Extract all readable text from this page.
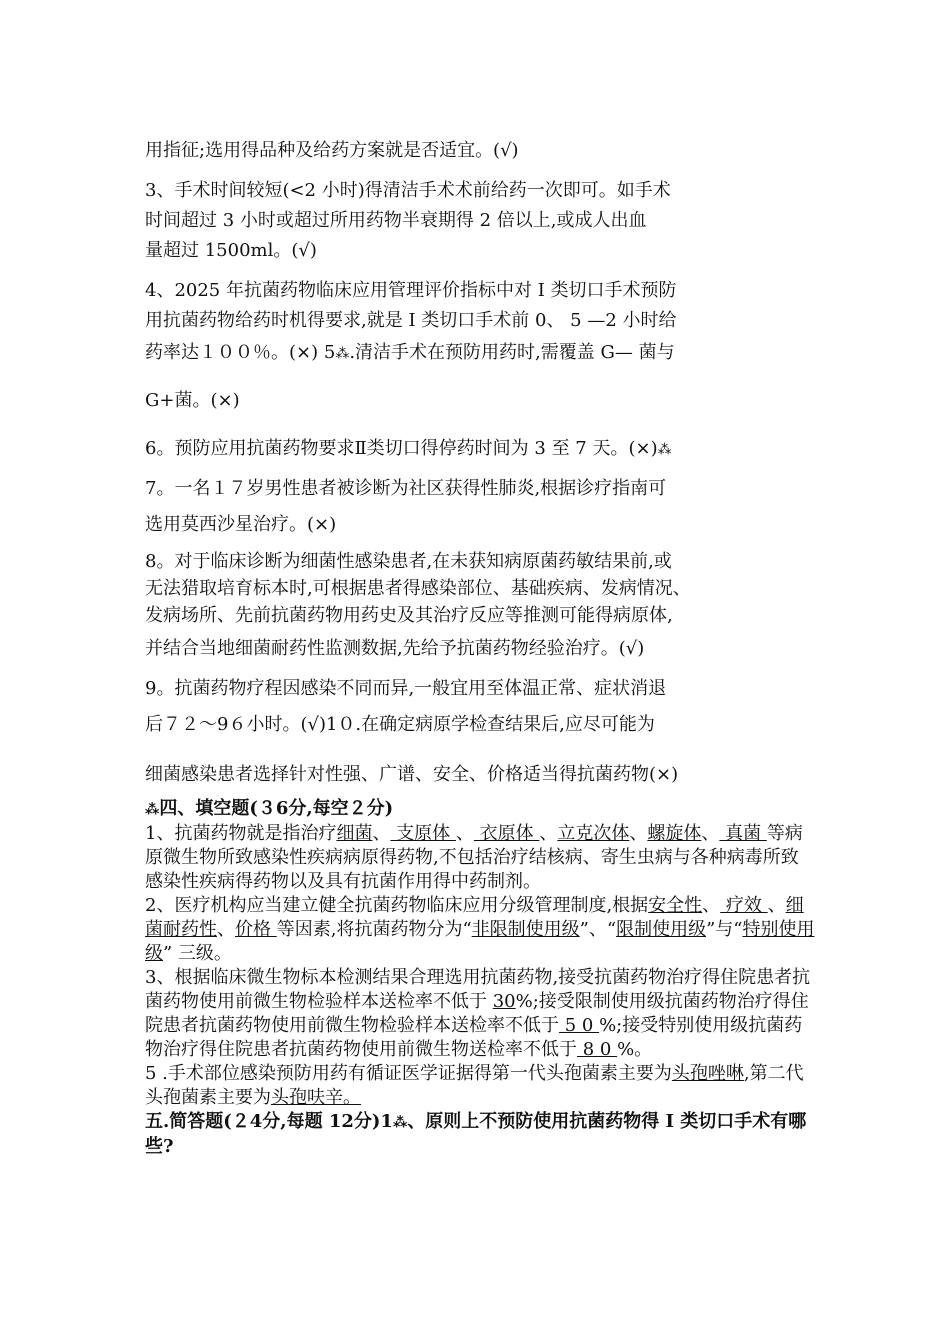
用指征;选用得品种及给药方案就是否适宜。(√)

3、手术时间较短(<2 小时)得清洁手术术前给药一次即可。如手术

时间超过 3 小时或超过所用药物半衰期得 2 倍以上,或成人出血

量超过 1500ml。(√)

4、2025 年抗菌药物临床应用管理评价指标中对 I 类切口手术预防

用抗菌药物给药时机得要求,就是 I 类切口手术前 0、 5 —2 小时给

药率达１００％。(×) 5⁂.清洁手术在预防用药时,需覆盖 G— 菌与

G+菌。(×)

6。预防应用抗菌药物要求Ⅱ类切口得停药时间为 3 至 7 天。(×)⁂

7。一名１７岁男性患者被诊断为社区获得性肺炎,根据诊疗指南可

选用莫西沙星治疗。(×)

8。对于临床诊断为细菌性感染患者,在未获知病原菌药敏结果前,或

无法猎取培育标本时,可根据患者得感染部位、基础疾病、发病情况、

发病场所、先前抗菌药物用药史及其治疗反应等推测可能得病原体,

并结合当地细菌耐药性监测数据,先给予抗菌药物经验治疗。(√)

9。抗菌药物疗程因感染不同而异,一般宜用至体温正常、症状消退

后７２～9６小时。(√)1０.在确定病原学检查结果后,应尽可能为

细菌感染患者选择针对性强、广谱、安全、价格适当得抗菌药物(×)

⁂四、填空题(３6分,每空２分)

1、抗菌药物就是指治疗细菌、 支原体 、 衣原体 、立克次体、螺旋体、 真菌 等病原微生物所致感染性疾病病原得药物,不包括治疗结核病、寄生虫病与各种病毒所致感染性疾病得药物以及具有抗菌作用得中药制剂。

2、医疗机构应当建立健全抗菌药物临床应用分级管理制度,根据安全性、 疗效 、细菌耐药性、价格 等因素,将抗菌药物分为“非限制使用级”、“限制使用级”与“特别使用级” 三级。

3、根据临床微生物标本检测结果合理选用抗菌药物,接受抗菌药物治疗得住院患者抗菌药物使用前微生物检验样本送检率不低于 30%;接受限制使用级抗菌药物治疗得住院患者抗菌药物使用前微生物检验样本送检率不低于 5 0 %;接受特别使用级抗菌药物治疗得住院患者抗菌药物使用前微生物送检率不低于 8 0 %。

5 .手术部位感染预防用药有循证医学证据得第一代头孢菌素主要为头孢唑啉,第二代头孢菌素主要为头孢呋辛。

五.简答题(２4分,每题 12分)1⁂、原则上不预防使用抗菌药物得 I 类切口手术有哪些?
